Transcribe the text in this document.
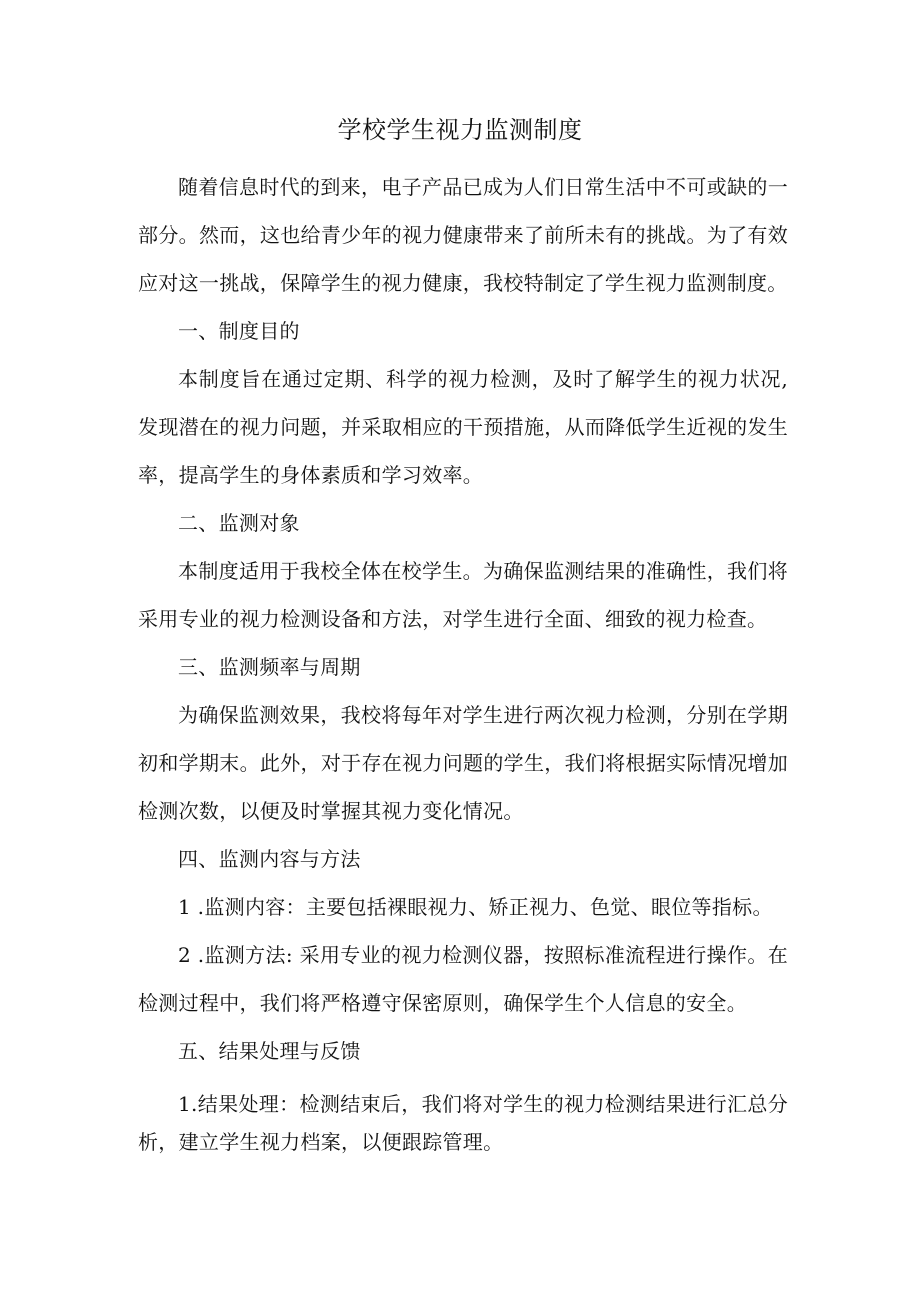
学校学生视力监测制度

随着信息时代的到来，电子产品已成为人们日常生活中不可或缺的一部分。然而，这也给青少年的视力健康带来了前所未有的挑战。为了有效应对这一挑战，保障学生的视力健康，我校特制定了学生视力监测制度。

一、制度目的

本制度旨在通过定期、科学的视力检测，及时了解学生的视力状况,发现潜在的视力问题，并采取相应的干预措施，从而降低学生近视的发生率，提高学生的身体素质和学习效率。

二、监测对象

本制度适用于我校全体在校学生。为确保监测结果的准确性，我们将采用专业的视力检测设备和方法，对学生进行全面、细致的视力检查。

三、监测频率与周期

为确保监测效果，我校将每年对学生进行两次视力检测，分别在学期初和学期末。此外，对于存在视力问题的学生，我们将根据实际情况增加检测次数，以便及时掌握其视力变化情况。

四、监测内容与方法

1 .监测内容：主要包括裸眼视力、矫正视力、色觉、眼位等指标。

2 .监测方法: 采用专业的视力检测仪器，按照标准流程进行操作。在检测过程中，我们将严格遵守保密原则，确保学生个人信息的安全。

五、结果处理与反馈

1.结果处理：检测结束后，我们将对学生的视力检测结果进行汇总分析，建立学生视力档案，以便跟踪管理。
